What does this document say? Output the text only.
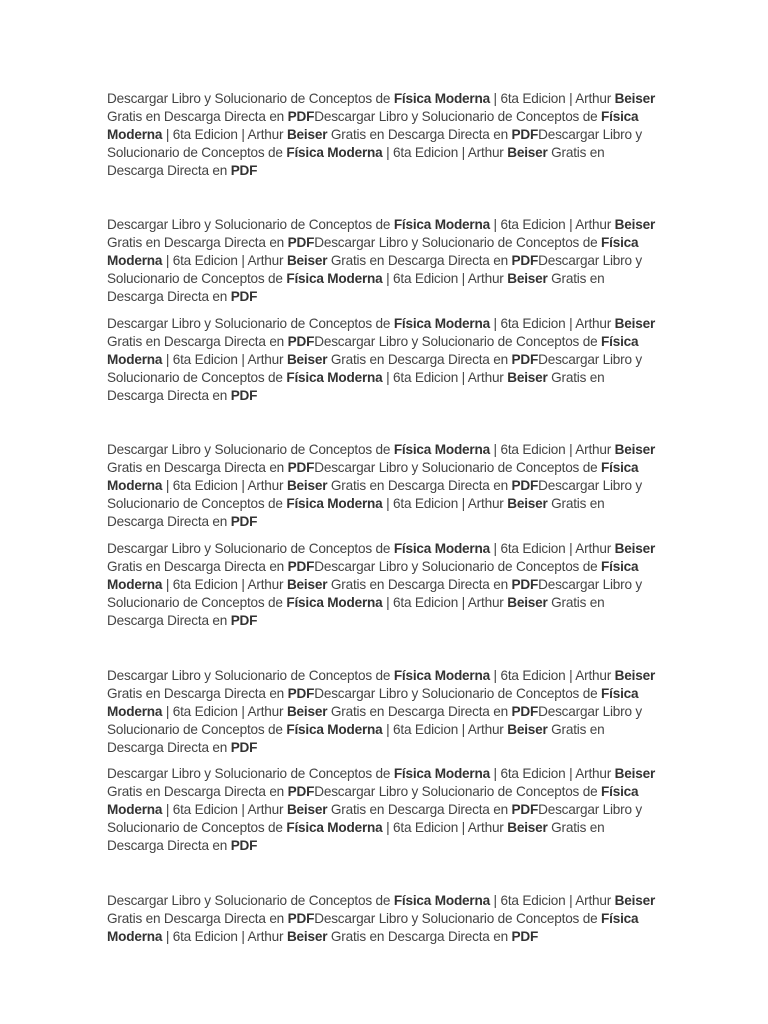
Descargar Libro y Solucionario de Conceptos de Física Moderna | 6ta Edicion | Arthur Beiser Gratis en Descarga Directa en PDFDescargar Libro y Solucionario de Conceptos de Física Moderna | 6ta Edicion | Arthur Beiser Gratis en Descarga Directa en PDFDescargar Libro y Solucionario de Conceptos de Física Moderna | 6ta Edicion | Arthur Beiser Gratis en Descarga Directa en PDF

Descargar Libro y Solucionario de Conceptos de Física Moderna | 6ta Edicion | Arthur Beiser Gratis en Descarga Directa en PDFDescargar Libro y Solucionario de Conceptos de Física Moderna | 6ta Edicion | Arthur Beiser Gratis en Descarga Directa en PDFDescargar Libro y Solucionario de Conceptos de Física Moderna | 6ta Edicion | Arthur Beiser Gratis en Descarga Directa en PDF

Descargar Libro y Solucionario de Conceptos de Física Moderna | 6ta Edicion | Arthur Beiser Gratis en Descarga Directa en PDFDescargar Libro y Solucionario de Conceptos de Física Moderna | 6ta Edicion | Arthur Beiser Gratis en Descarga Directa en PDFDescargar Libro y Solucionario de Conceptos de Física Moderna | 6ta Edicion | Arthur Beiser Gratis en Descarga Directa en PDF

Descargar Libro y Solucionario de Conceptos de Física Moderna | 6ta Edicion | Arthur Beiser Gratis en Descarga Directa en PDFDescargar Libro y Solucionario de Conceptos de Física Moderna | 6ta Edicion | Arthur Beiser Gratis en Descarga Directa en PDFDescargar Libro y Solucionario de Conceptos de Física Moderna | 6ta Edicion | Arthur Beiser Gratis en Descarga Directa en PDF

Descargar Libro y Solucionario de Conceptos de Física Moderna | 6ta Edicion | Arthur Beiser Gratis en Descarga Directa en PDFDescargar Libro y Solucionario de Conceptos de Física Moderna | 6ta Edicion | Arthur Beiser Gratis en Descarga Directa en PDFDescargar Libro y Solucionario de Conceptos de Física Moderna | 6ta Edicion | Arthur Beiser Gratis en Descarga Directa en PDF

Descargar Libro y Solucionario de Conceptos de Física Moderna | 6ta Edicion | Arthur Beiser Gratis en Descarga Directa en PDFDescargar Libro y Solucionario de Conceptos de Física Moderna | 6ta Edicion | Arthur Beiser Gratis en Descarga Directa en PDFDescargar Libro y Solucionario de Conceptos de Física Moderna | 6ta Edicion | Arthur Beiser Gratis en Descarga Directa en PDF

Descargar Libro y Solucionario de Conceptos de Física Moderna | 6ta Edicion | Arthur Beiser Gratis en Descarga Directa en PDFDescargar Libro y Solucionario de Conceptos de Física Moderna | 6ta Edicion | Arthur Beiser Gratis en Descarga Directa en PDFDescargar Libro y Solucionario de Conceptos de Física Moderna | 6ta Edicion | Arthur Beiser Gratis en Descarga Directa en PDF

Descargar Libro y Solucionario de Conceptos de Física Moderna | 6ta Edicion | Arthur Beiser Gratis en Descarga Directa en PDFDescargar Libro y Solucionario de Conceptos de Física Moderna | 6ta Edicion | Arthur Beiser Gratis en Descarga Directa en PDF
